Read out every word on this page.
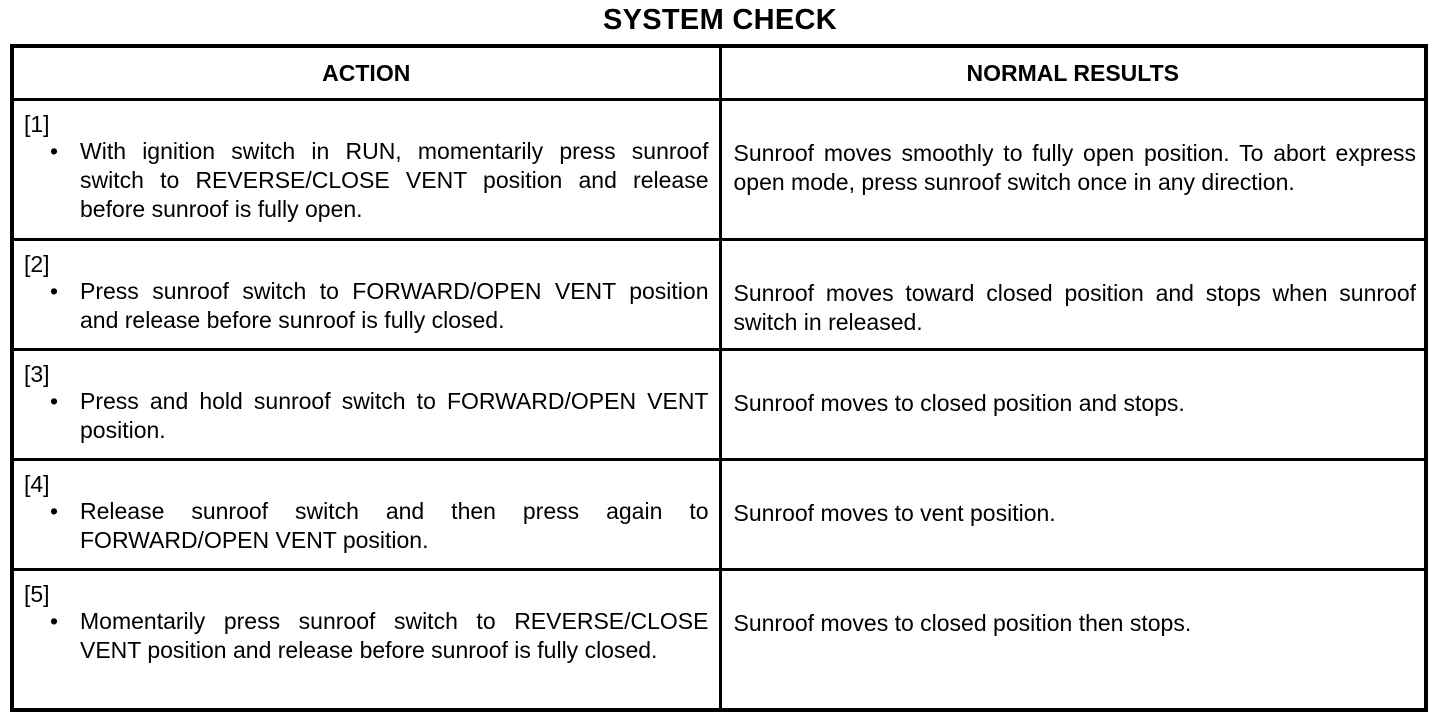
SYSTEM CHECK
ACTION	NORMAL RESULTS

[1]
• With ignition switch in RUN, momentarily press sunroof switch to REVERSE/CLOSE VENT position and release before sunroof is fully open.	Sunroof moves smoothly to fully open position. To abort express open mode, press sunroof switch once in any direction.

[2]
• Press sunroof switch to FORWARD/OPEN VENT position and release before sunroof is fully closed.	Sunroof moves toward closed position and stops when sunroof switch in released.

[3]
• Press and hold sunroof switch to FORWARD/OPEN VENT position.	Sunroof moves to closed position and stops.

[4]
• Release sunroof switch and then press again to FORWARD/OPEN VENT position.	Sunroof moves to vent position.

[5]
• Momentarily press sunroof switch to REVERSE/CLOSE VENT position and release before sunroof is fully closed.	Sunroof moves to closed position then stops.
